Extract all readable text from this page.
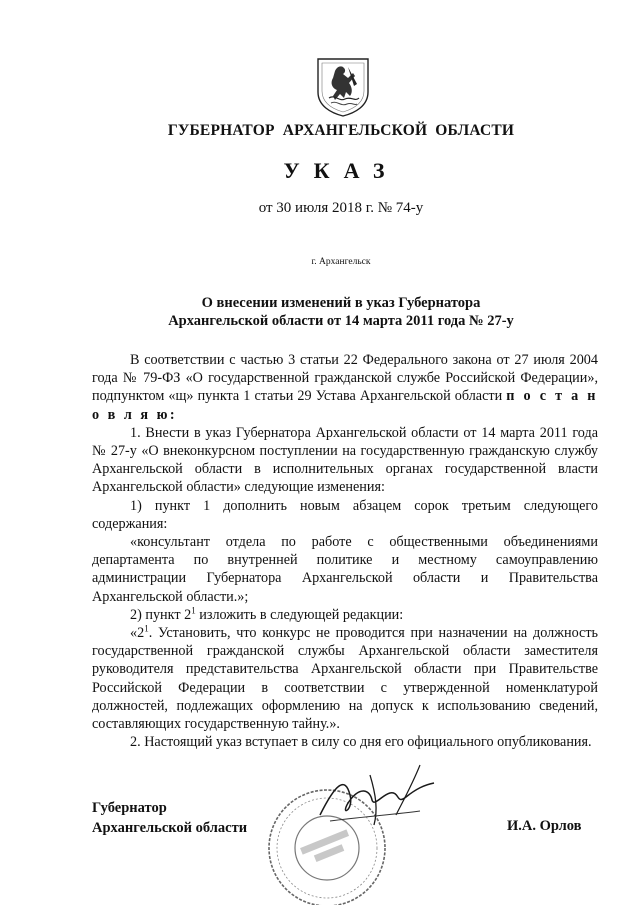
ГУБЕРНАТОР АРХАНГЕЛЬСКОЙ ОБЛАСТИ
УКАЗ
от 30 июля 2018 г. № 74-у
г. Архангельск
О внесении изменений в указ Губернатора
Архангельской области от 14 марта 2011 года № 27-у

В соответствии с частью 3 статьи 22 Федерального закона от 27 июля 2004 года № 79-ФЗ «О государственной гражданской службе Российской Федерации», подпунктом «щ» пункта 1 статьи 29 Устава Архангельской области п о с т а н о в л я ю:

1. Внести в указ Губернатора Архангельской области от 14 марта 2011 года № 27-у «О внеконкурсном поступлении на государственную гражданскую службу Архангельской области в исполнительных органах государственной власти Архангельской области» следующие изменения:

1) пункт 1 дополнить новым абзацем сорок третьим следующего содержания:

«консультант отдела по работе с общественными объединениями департамента по внутренней политике и местному самоуправлению администрации Губернатора Архангельской области и Правительства Архангельской области.»;

2) пункт $2^1$ изложить в следующей редакции:

«$2^1$. Установить, что конкурс не проводится при назначении на должность государственной гражданской службы Архангельской области заместителя руководителя представительства Архангельской области при Правительстве Российской Федерации в соответствии с утвержденной номенклатурой должностей, подлежащих оформлению на допуск к использованию сведений, составляющих государственную тайну.».

2. Настоящий указ вступает в силу со дня его официального опубликования.

Губернатор
Архангельской области	И.А. Орлов
